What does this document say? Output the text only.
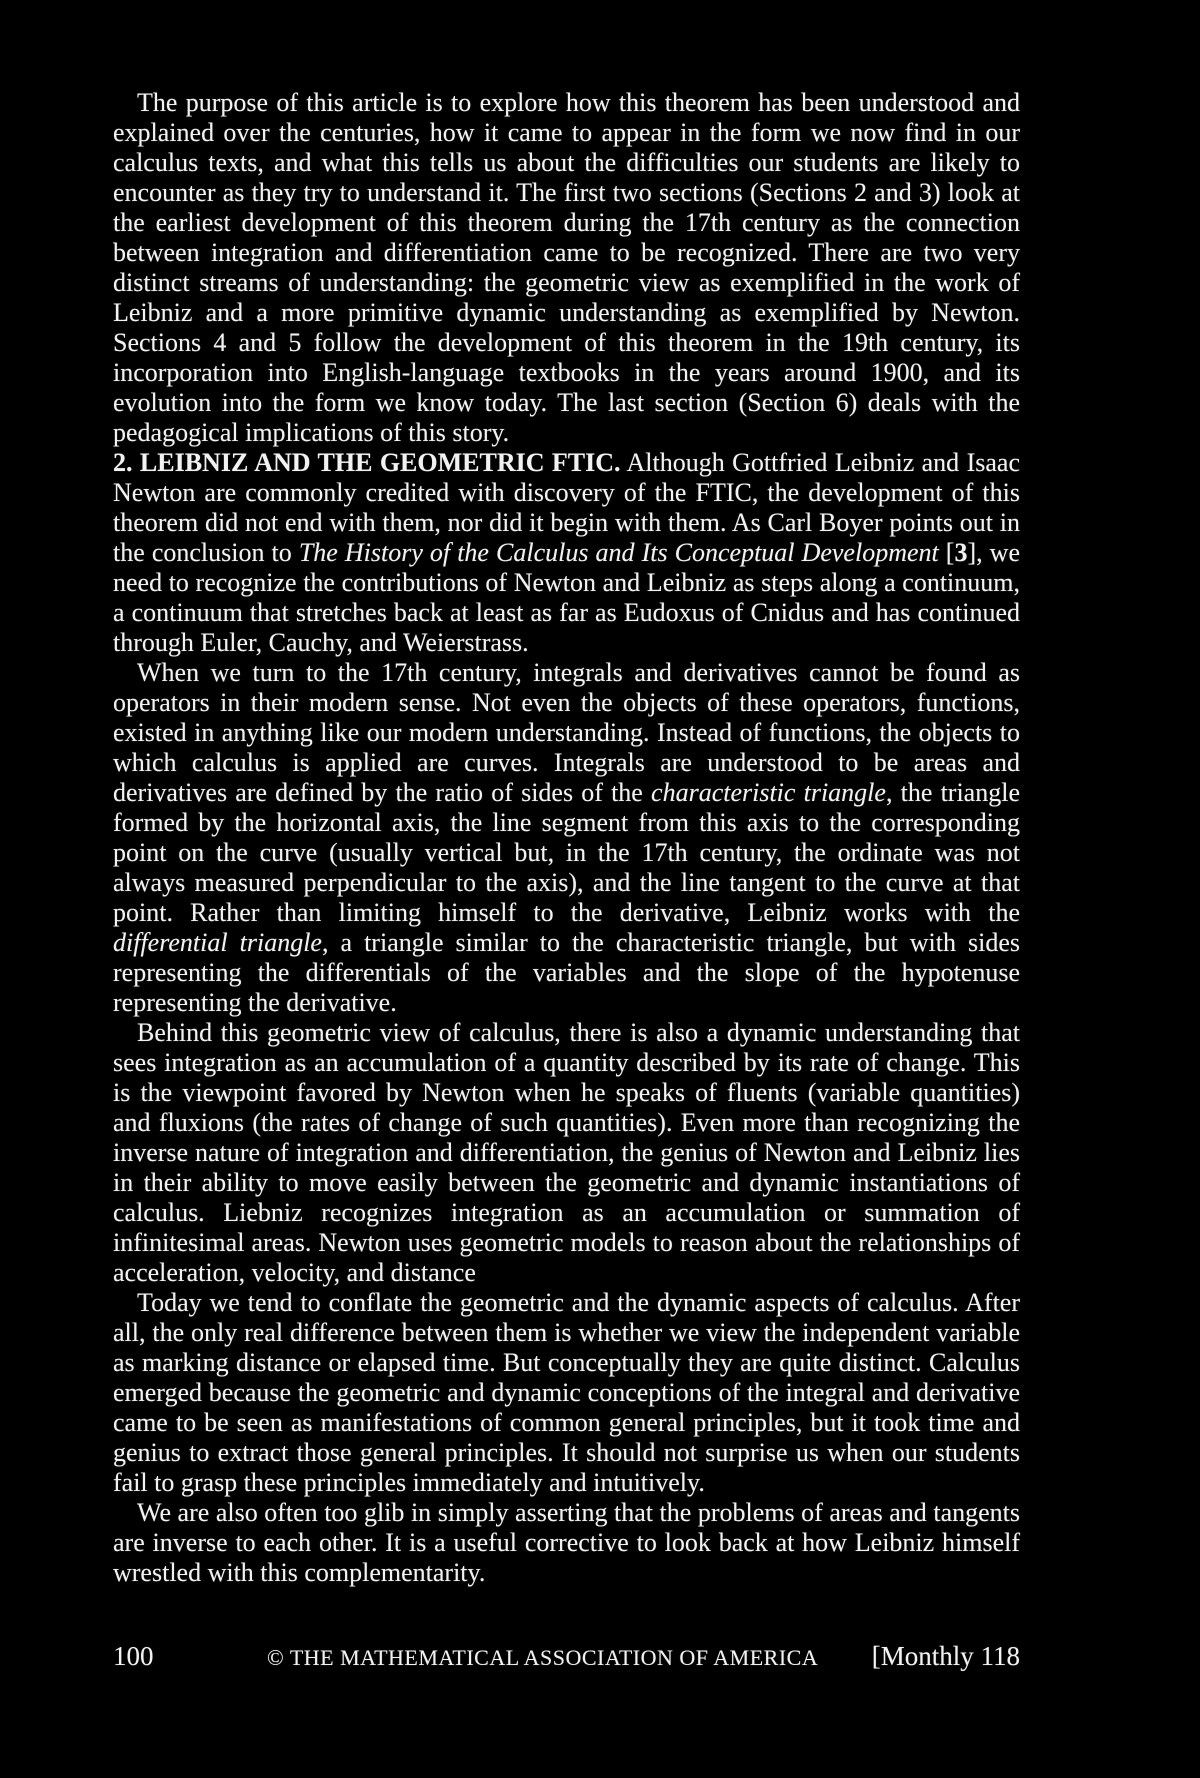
The purpose of this article is to explore how this theorem has been understood and explained over the centuries, how it came to appear in the form we now find in our calculus texts, and what this tells us about the difficulties our students are likely to encounter as they try to understand it. The first two sections (Sections 2 and 3) look at the earliest development of this theorem during the 17th century as the connection between integration and differentiation came to be recognized. There are two very distinct streams of understanding: the geometric view as exemplified in the work of Leibniz and a more primitive dynamic understanding as exemplified by Newton. Sections 4 and 5 follow the development of this theorem in the 19th century, its incorporation into English-language textbooks in the years around 1900, and its evolution into the form we know today. The last section (Section 6) deals with the pedagogical implications of this story.

2. LEIBNIZ AND THE GEOMETRIC FTIC. Although Gottfried Leibniz and Isaac Newton are commonly credited with discovery of the FTIC, the development of this theorem did not end with them, nor did it begin with them. As Carl Boyer points out in the conclusion to The History of the Calculus and Its Conceptual Development [3], we need to recognize the contributions of Newton and Leibniz as steps along a continuum, a continuum that stretches back at least as far as Eudoxus of Cnidus and has continued through Euler, Cauchy, and Weierstrass.

When we turn to the 17th century, integrals and derivatives cannot be found as operators in their modern sense. Not even the objects of these operators, functions, existed in anything like our modern understanding. Instead of functions, the objects to which calculus is applied are curves. Integrals are understood to be areas and derivatives are defined by the ratio of sides of the characteristic triangle, the triangle formed by the horizontal axis, the line segment from this axis to the corresponding point on the curve (usually vertical but, in the 17th century, the ordinate was not always measured perpendicular to the axis), and the line tangent to the curve at that point. Rather than limiting himself to the derivative, Leibniz works with the differential triangle, a triangle similar to the characteristic triangle, but with sides representing the differentials of the variables and the slope of the hypotenuse representing the derivative.

Behind this geometric view of calculus, there is also a dynamic understanding that sees integration as an accumulation of a quantity described by its rate of change. This is the viewpoint favored by Newton when he speaks of fluents (variable quantities) and fluxions (the rates of change of such quantities). Even more than recognizing the inverse nature of integration and differentiation, the genius of Newton and Leibniz lies in their ability to move easily between the geometric and dynamic instantiations of calculus. Liebniz recognizes integration as an accumulation or summation of infinitesimal areas. Newton uses geometric models to reason about the relationships of acceleration, velocity, and distance

Today we tend to conflate the geometric and the dynamic aspects of calculus. After all, the only real difference between them is whether we view the independent variable as marking distance or elapsed time. But conceptually they are quite distinct. Calculus emerged because the geometric and dynamic conceptions of the integral and derivative came to be seen as manifestations of common general principles, but it took time and genius to extract those general principles. It should not surprise us when our students fail to grasp these principles immediately and intuitively.

We are also often too glib in simply asserting that the problems of areas and tangents are inverse to each other. It is a useful corrective to look back at how Leibniz himself wrestled with this complementarity.

100	© THE MATHEMATICAL ASSOCIATION OF AMERICA [Monthly 118
